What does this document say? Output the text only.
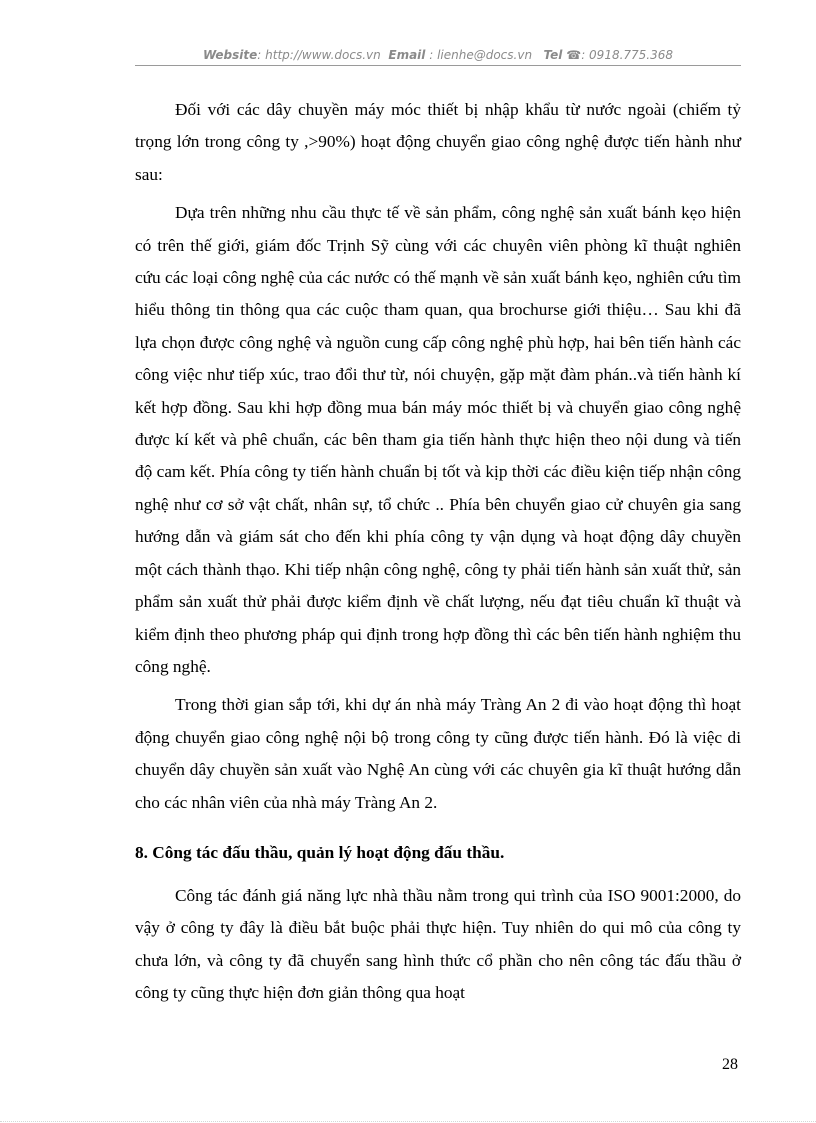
Website: http://www.docs.vn Email : lienhe@docs.vn Tel ☎: 0918.775.368

Đối với các dây chuyền máy móc thiết bị nhập khẩu từ nước ngoài (chiếm tỷ trọng lớn trong công ty ,>90%) hoạt động chuyển giao công nghệ được tiến hành như sau:

Dựa trên những nhu cầu thực tế về sản phẩm, công nghệ sản xuất bánh kẹo hiện có trên thế giới, giám đốc Trịnh Sỹ cùng với các chuyên viên phòng kĩ thuật nghiên cứu các loại công nghệ của các nước có thế mạnh về sản xuất bánh kẹo, nghiên cứu tìm hiểu thông tin thông qua các cuộc tham quan, qua brochurse giới thiệu… Sau khi đã lựa chọn được công nghệ và nguồn cung cấp công nghệ phù hợp, hai bên tiến hành các công việc như tiếp xúc, trao đổi thư từ, nói chuyện, gặp mặt đàm phán..và tiến hành kí kết hợp đồng. Sau khi hợp đồng mua bán máy móc thiết bị và chuyển giao công nghệ được kí kết và phê chuẩn, các bên tham gia tiến hành thực hiện theo nội dung và tiến độ cam kết. Phía công ty tiến hành chuẩn bị tốt và kịp thời các điều kiện tiếp nhận công nghệ như cơ sở vật chất, nhân sự, tổ chức .. Phía bên chuyển giao cử chuyên gia sang hướng dẫn và giám sát cho đến khi phía công ty vận dụng và hoạt động dây chuyền một cách thành thạo. Khi tiếp nhận công nghệ, công ty phải tiến hành sản xuất thử, sản phẩm sản xuất thử phải được kiểm định về chất lượng, nếu đạt tiêu chuẩn kĩ thuật và kiểm định theo phương pháp qui định trong hợp đồng thì các bên tiến hành nghiệm thu công nghệ.

Trong thời gian sắp tới, khi dự án nhà máy Tràng An 2 đi vào hoạt động thì hoạt động chuyển giao công nghệ nội bộ trong công ty cũng được tiến hành. Đó là việc di chuyển dây chuyền sản xuất vào Nghệ An cùng với các chuyên gia kĩ thuật hướng dẫn cho các nhân viên của nhà máy Tràng An 2.

8. Công tác đấu thầu, quản lý hoạt động đấu thầu.

Công tác đánh giá năng lực nhà thầu nằm trong qui trình của ISO 9001:2000, do vậy ở công ty đây là điều bắt buộc phải thực hiện. Tuy nhiên do qui mô của công ty chưa lớn, và công ty đã chuyển sang hình thức cổ phần cho nên công tác đấu thầu ở công ty cũng thực hiện đơn giản thông qua hoạt

28
